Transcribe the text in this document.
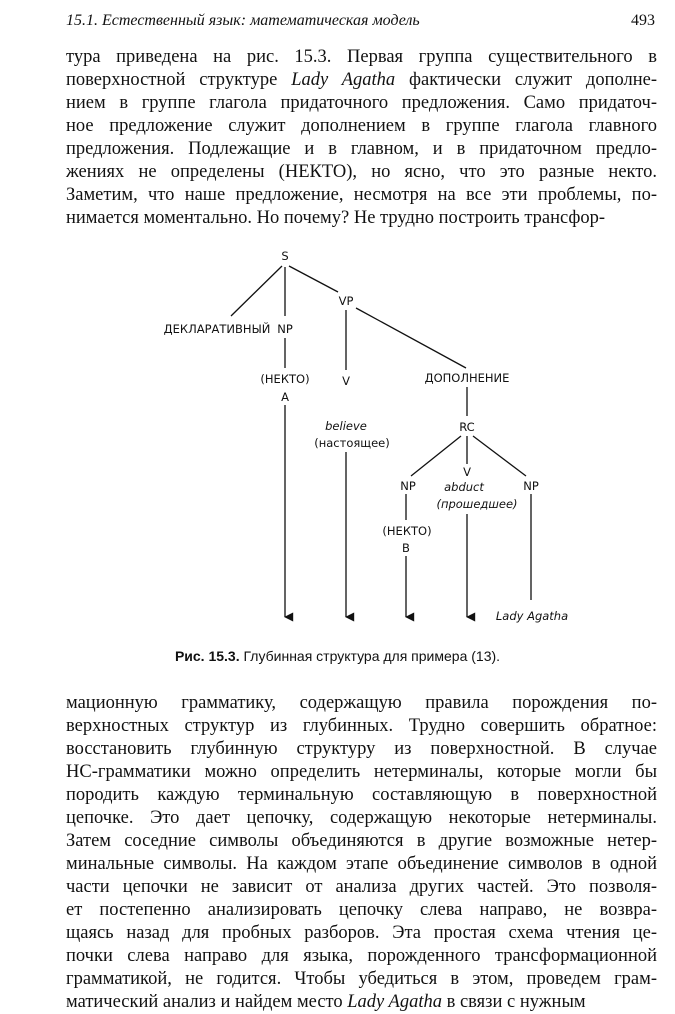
15.1. Естественный язык: математическая модель	493
тура приведена на рис. 15.3. Первая группа существительного в
поверхностной структуре Lady Agatha фактически служит дополне-
нием в группе глагола придаточного предложения. Само придаточ-
ное предложение служит дополнением в группе глагола главного
предложения. Подлежащие и в главном, и в придаточном предло-
жениях не определены (НЕКТО), но ясно, что это разные некто.
Заметим, что наше предложение, несмотря на все эти проблемы, по-
нимается моментально. Но почему? Не трудно построить трансфор-
S
VP
ДЕКЛАРАТИВНЫЙ NP
(НЕКТО)
A
V
believe
(настоящее)
ДОПОЛНЕНИЕ
RC
NP
V
NP
abduct
(прошедшее)
(НЕКТО)
B
Lady Agatha
Рис. 15.3. Глубинная структура для примера (13).
мационную грамматику, содержащую правила порождения по-
верхностных структур из глубинных. Трудно совершить обратное:
восстановить глубинную структуру из поверхностной. В случае
НС-грамматики можно определить нетерминалы, которые могли бы
породить каждую терминальную составляющую в поверхностной
цепочке. Это дает цепочку, содержащую некоторые нетерминалы.
Затем соседние символы объединяются в другие возможные нетер-
минальные символы. На каждом этапе объединение символов в одной
части цепочки не зависит от анализа других частей. Это позволя-
ет постепенно анализировать цепочку слева направо, не возвра-
щаясь назад для пробных разборов. Эта простая схема чтения це-
почки слева направо для языка, порожденного трансформационной
грамматикой, не годится. Чтобы убедиться в этом, проведем грам-
матический анализ и найдем место Lady Agatha в связи с нужным
